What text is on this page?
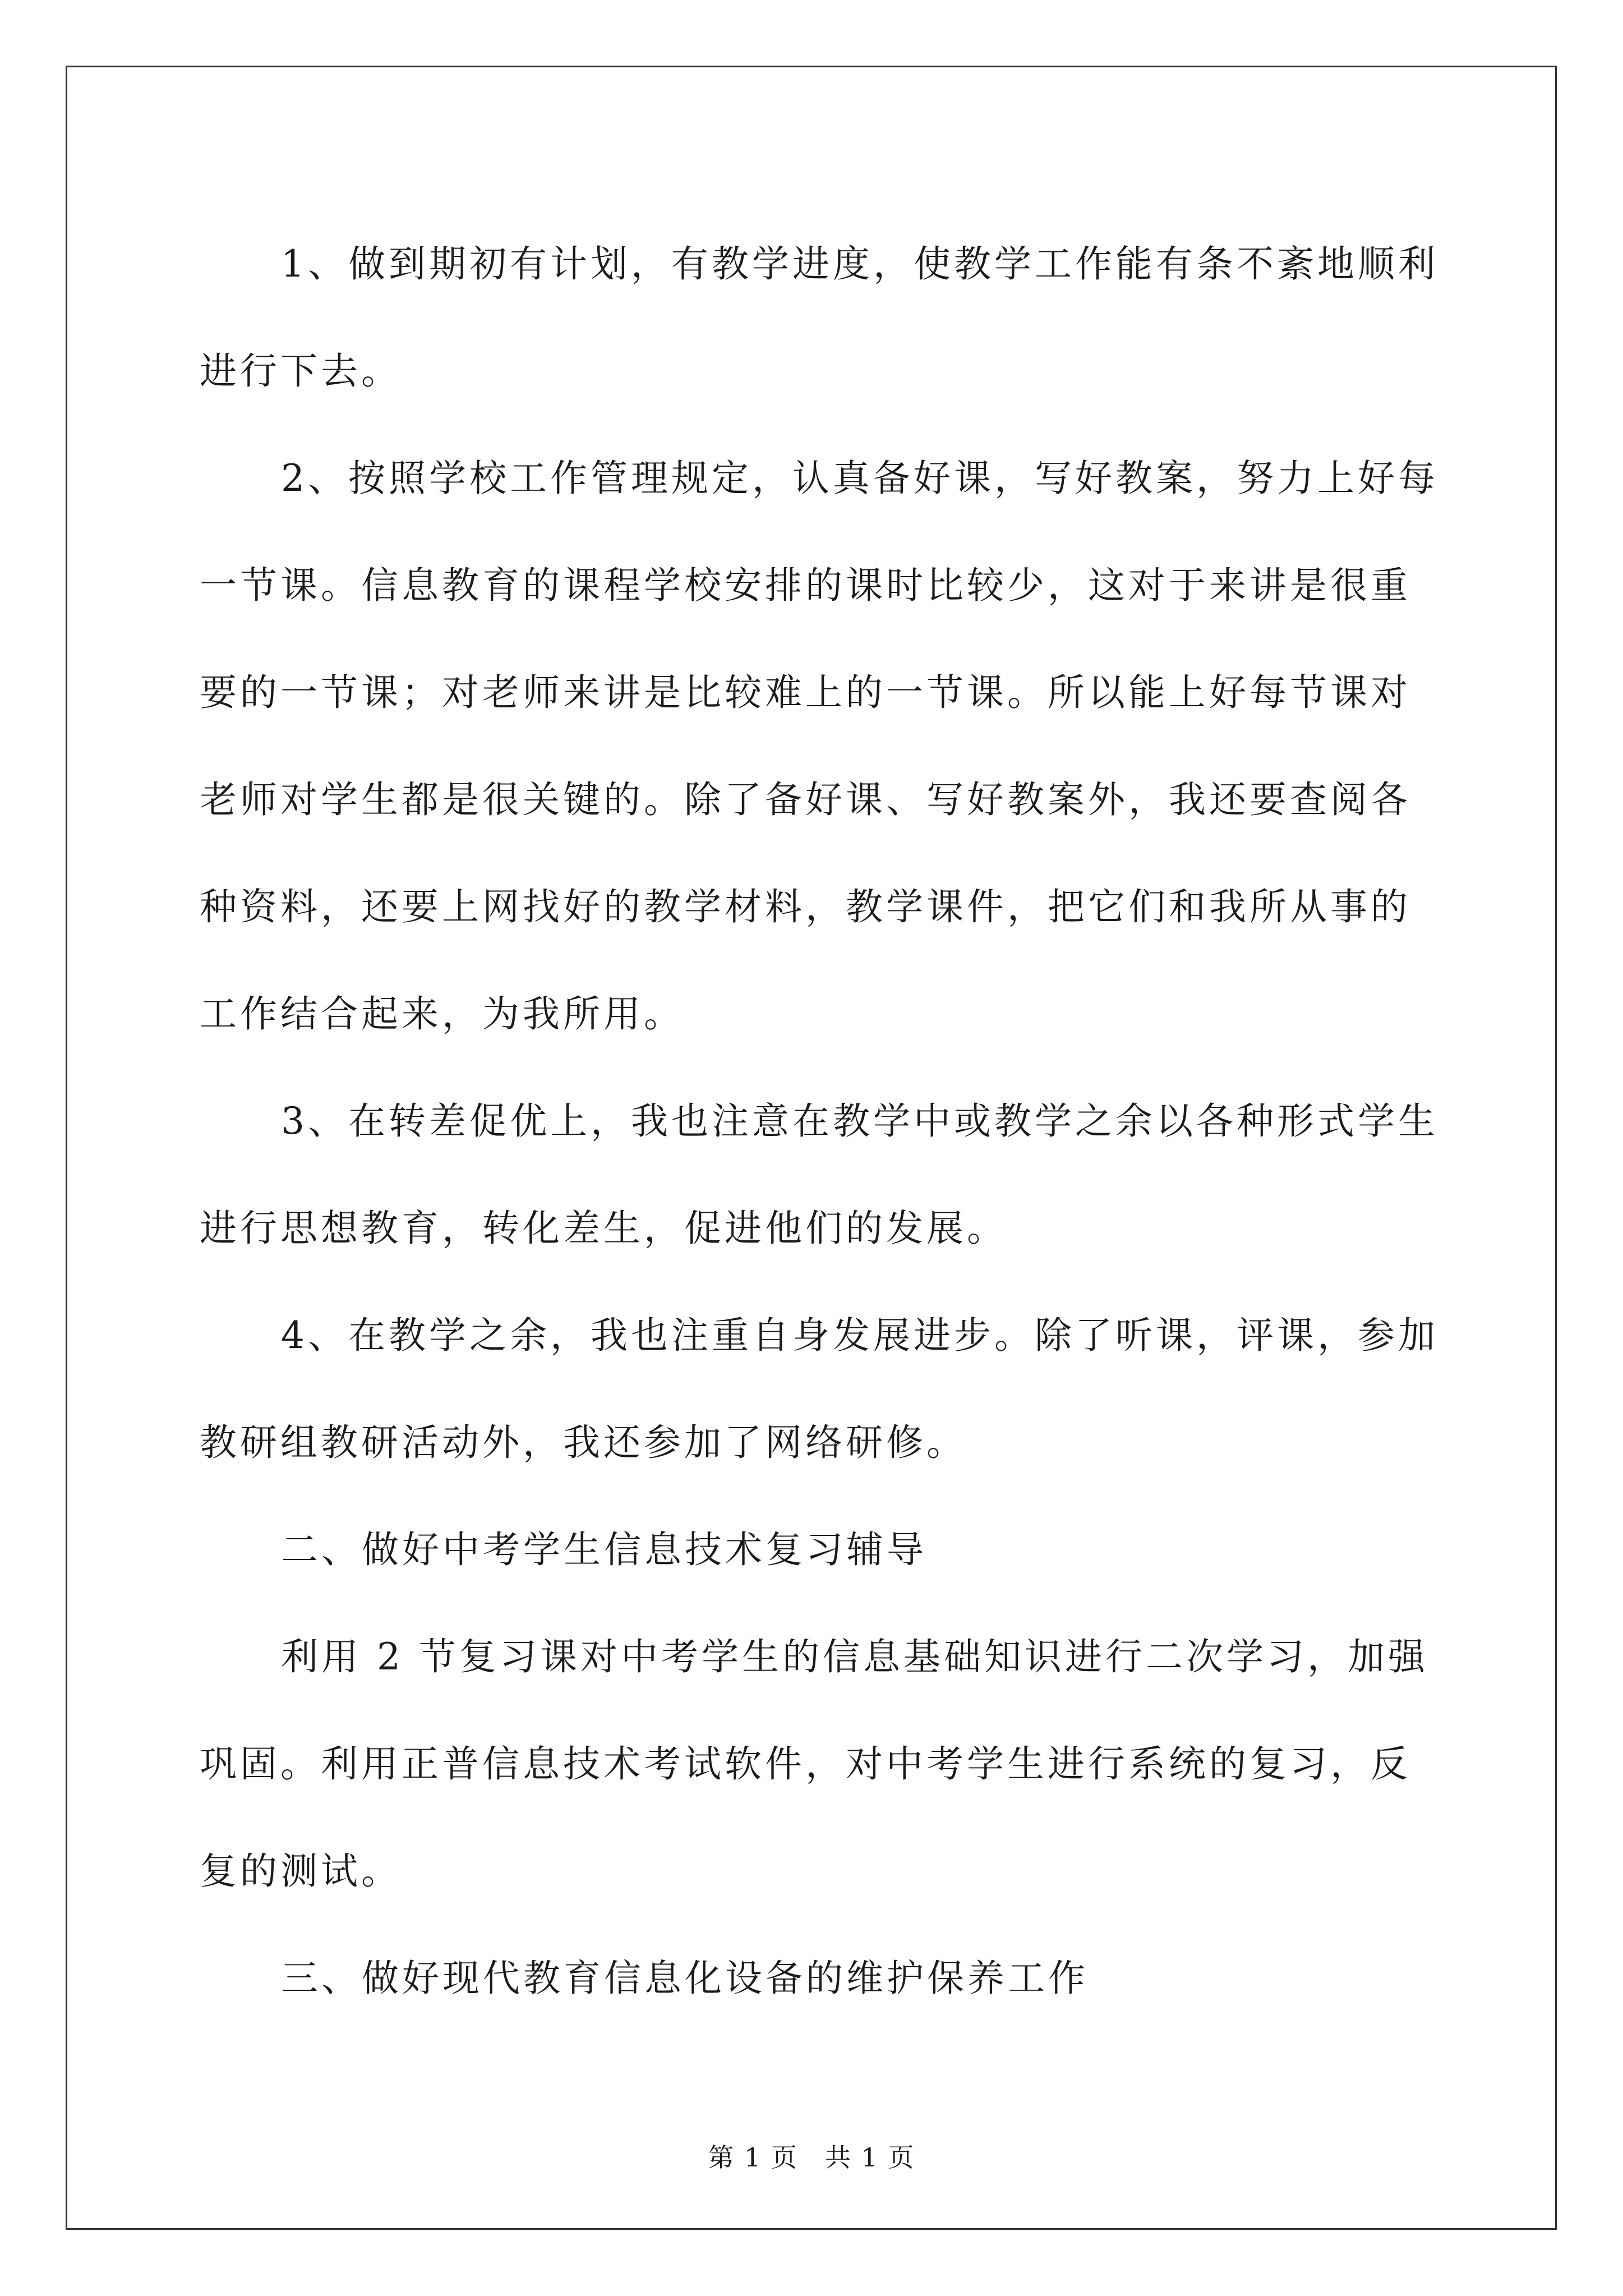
1、做到期初有计划，有教学进度，使教学工作能有条不紊地顺利
进行下去。
2、按照学校工作管理规定，认真备好课，写好教案，努力上好每
一节课。信息教育的课程学校安排的课时比较少，这对于来讲是很重
要的一节课；对老师来讲是比较难上的一节课。所以能上好每节课对
老师对学生都是很关键的。除了备好课、写好教案外，我还要查阅各
种资料，还要上网找好的教学材料，教学课件，把它们和我所从事的
工作结合起来，为我所用。
3、在转差促优上，我也注意在教学中或教学之余以各种形式学生
进行思想教育，转化差生，促进他们的发展。
4、在教学之余，我也注重自身发展进步。除了听课，评课，参加
教研组教研活动外，我还参加了网络研修。
二、做好中考学生信息技术复习辅导
利用 2 节复习课对中考学生的信息基础知识进行二次学习，加强
巩固。利用正普信息技术考试软件，对中考学生进行系统的复习，反
复的测试。
三、做好现代教育信息化设备的维护保养工作
第 1 页　共 1 页
